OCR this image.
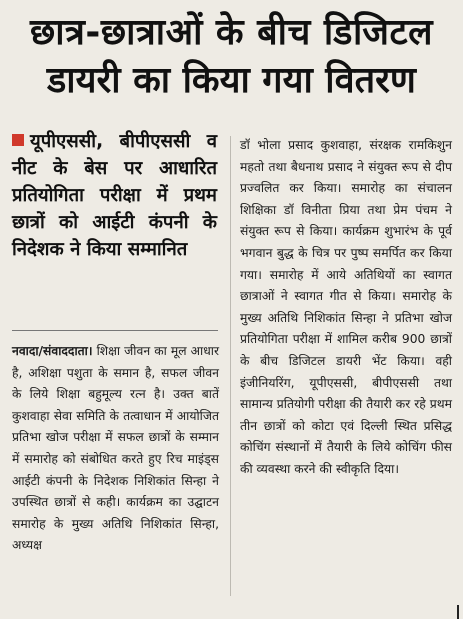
छात्र-छात्राओं के बीच डिजिटल
डायरी का किया गया वितरण
यूपीएससी, बीपीएससी व नीट के बेस पर आधारित प्रतियोगिता परीक्षा में प्रथम छात्रों को आईटी कंपनी के निदेशक ने किया सम्मानित
नवादा/संवाददाता। शिक्षा जीवन का मूल आधार है, अशिक्षा पशुता के समान है, सफल जीवन के लिये शिक्षा बहुमूल्य रत्न है। उक्त बातें कुशवाहा सेवा समिति के तत्वाधान में आयोजित प्रतिभा खोज परीक्षा में सफल छात्रों के सम्मान में समारोह को संबोधित करते हुए रिच माइंड्स आईटी कंपनी के निदेशक निशिकांत सिन्हा ने उपस्थित छात्रों से कही। कार्यक्रम का उद्घाटन समारोह के मुख्य अतिथि निशिकांत सिन्हा, अध्यक्ष
डॉ भोला प्रसाद कुशवाहा, संरक्षक रामकिशुन महतो तथा बैधनाथ प्रसाद ने संयुक्त रूप से दीप प्रज्वलित कर किया। समारोह का संचालन शिक्षिका डॉ विनीता प्रिया तथा प्रेम पंचम ने संयुक्त रूप से किया। कार्यक्रम शुभारंभ के पूर्व भगवान बुद्ध के चित्र पर पुष्प समर्पित कर किया गया। समारोह में आये अतिथियों का स्वागत छात्राओं ने स्वागत गीत से किया। समारोह के मुख्य अतिथि निशिकांत सिन्हा ने प्रतिभा खोज प्रतियोगिता परीक्षा में शामिल करीब 900 छात्रों के बीच डिजिटल डायरी भेंट किया। वही इंजीनियरिंग, यूपीएससी, बीपीएससी तथा सामान्य प्रतियोगी परीक्षा की तैयारी कर रहे प्रथम तीन छात्रों को कोटा एवं दिल्ली स्थित प्रसिद्ध कोचिंग संस्थानों में तैयारी के लिये कोचिंग फीस की व्यवस्था करने की स्वीकृति दिया।
